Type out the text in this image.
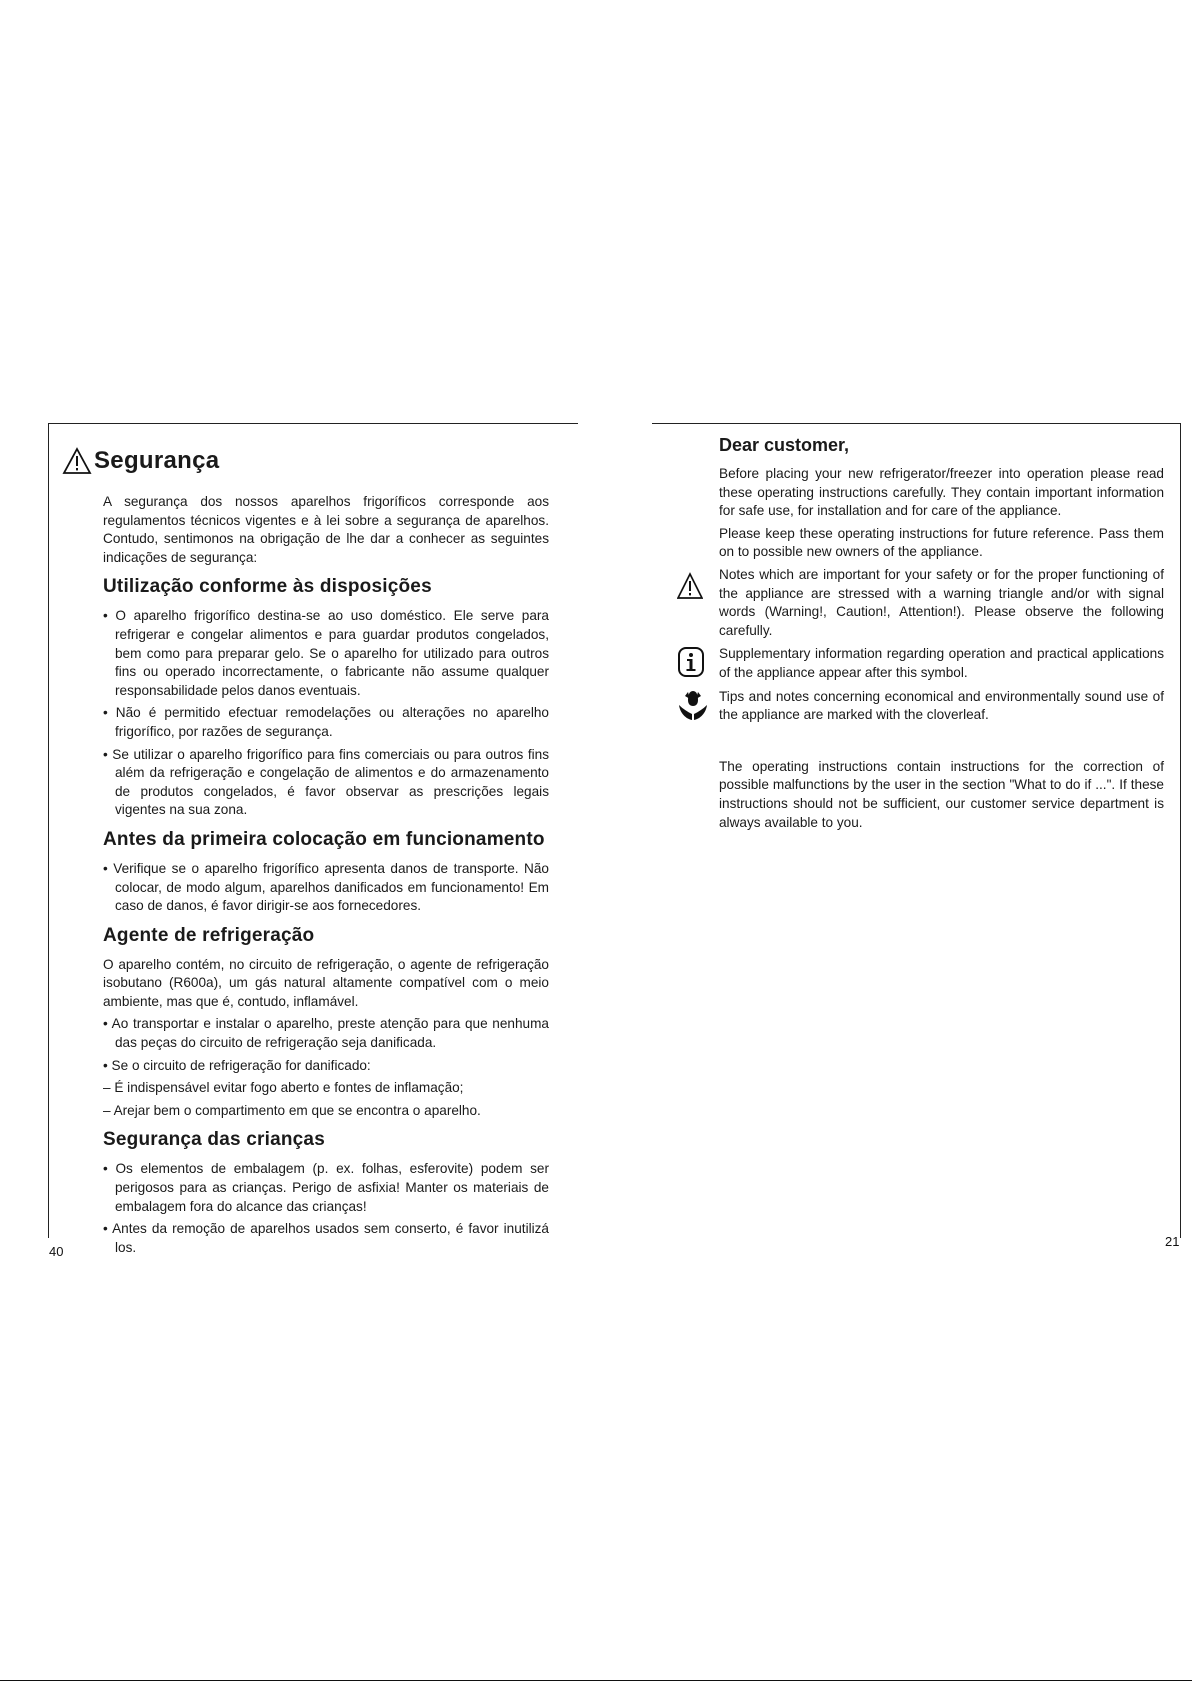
Segurança

A segurança dos nossos aparelhos frigoríficos corresponde aos regulamentos técnicos vigentes e à lei sobre a segurança de aparelhos. Contudo, sentimonos na obrigação de lhe dar a conhecer as seguintes indicações de segurança:

Utilização conforme às disposições

• O aparelho frigorífico destina-se ao uso doméstico. Ele serve para refrigerar e congelar alimentos e para guardar produtos congelados, bem como para preparar gelo. Se o aparelho for utilizado para outros fins ou operado incorrectamente, o fabricante não assume qualquer responsabilidade pelos danos eventuais.

• Não é permitido efectuar remodelações ou alterações no aparelho frigorífico, por razões de segurança.

• Se utilizar o aparelho frigorífico para fins comerciais ou para outros fins além da refrigeração e congelação de alimentos e do armazenamento de produtos congelados, é favor observar as prescrições legais vigentes na sua zona.

Antes da primeira colocação em funcionamento

• Verifique se o aparelho frigorífico apresenta danos de transporte. Não colocar, de modo algum, aparelhos danificados em funcionamento! Em caso de danos, é favor dirigir-se aos fornecedores.

Agente de refrigeração

O aparelho contém, no circuito de refrigeração, o agente de refrigeração isobutano (R600a), um gás natural altamente compatível com o meio ambiente, mas que é, contudo, inflamável.

• Ao transportar e instalar o aparelho, preste atenção para que nenhuma das peças do circuito de refrigeração seja danificada.

• Se o circuito de refrigeração for danificado:

– É indispensável evitar fogo aberto e fontes de inflamação;

– Arejar bem o compartimento em que se encontra o aparelho.

Segurança das crianças

• Os elementos de embalagem (p. ex. folhas, esferovite) podem ser perigosos para as crianças. Perigo de asfixia! Manter os materiais de embalagem fora do alcance das crianças!

• Antes da remoção de aparelhos usados sem conserto, é favor inutilizá los.

40
Dear customer,

Before placing your new refrigerator/freezer into operation please read these operating instructions carefully. They contain important information for safe use, for installation and for care of the appliance.

Please keep these operating instructions for future reference. Pass them on to possible new owners of the appliance.

Notes which are important for your safety or for the proper functioning of the appliance are stressed with a warning triangle and/or with signal words (Warning!, Caution!, Attention!). Please observe the following carefully.
Supplementary information regarding operation and practical applications of the appliance appear after this symbol.
Tips and notes concerning economical and environmentally sound use of the appliance are marked with the cloverleaf.

The operating instructions contain instructions for the correction of possible malfunctions by the user in the section "What to do if ...". If these instructions should not be sufficient, our customer service department is always available to you.

21
